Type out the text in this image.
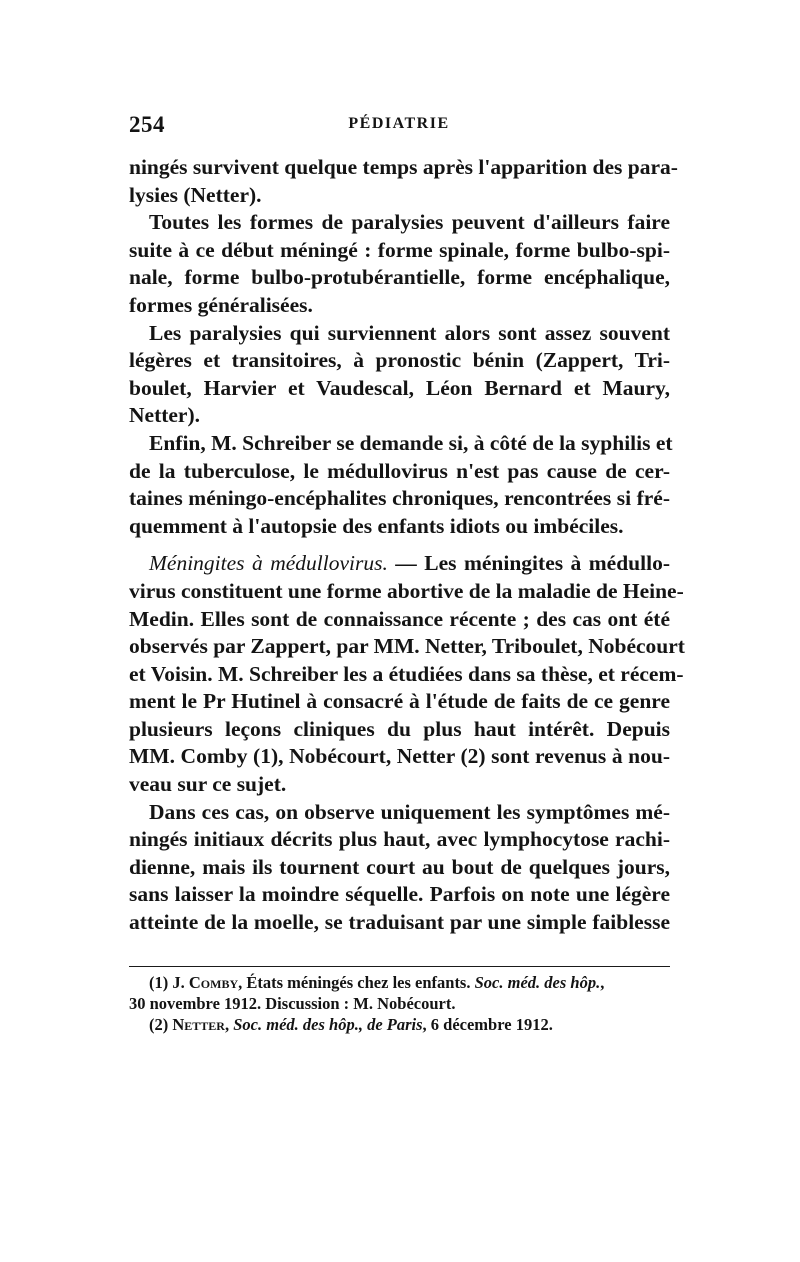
254	PÉDIATRIE
ningés survivent quelque temps après l'apparition des para-
lysies (Netter).
Toutes les formes de paralysies peuvent d'ailleurs faire
suite à ce début méningé : forme spinale, forme bulbo-spi-
nale, forme bulbo-protubérantielle, forme encéphalique,
formes généralisées.
Les paralysies qui surviennent alors sont assez souvent
légères et transitoires, à pronostic bénin (Zappert, Tri-
boulet, Harvier et Vaudescal, Léon Bernard et Maury,
Netter).
Enfin, M. Schreiber se demande si, à côté de la syphilis et
de la tuberculose, le médullovirus n'est pas cause de cer-
taines méningo-encéphalites chroniques, rencontrées si fré-
quemment à l'autopsie des enfants idiots ou imbéciles.
Méningites à médullovirus. — Les méningites à médullo-
virus constituent une forme abortive de la maladie de Heine-
Medin. Elles sont de connaissance récente ; des cas ont été
observés par Zappert, par MM. Netter, Triboulet, Nobécourt
et Voisin. M. Schreiber les a étudiées dans sa thèse, et récem-
ment le Pr Hutinel à consacré à l'étude de faits de ce genre
plusieurs leçons cliniques du plus haut intérêt. Depuis
MM. Comby (1), Nobécourt, Netter (2) sont revenus à nou-
veau sur ce sujet.
Dans ces cas, on observe uniquement les symptômes mé-
ningés initiaux décrits plus haut, avec lymphocytose rachi-
dienne, mais ils tournent court au bout de quelques jours,
sans laisser la moindre séquelle. Parfois on note une légère
atteinte de la moelle, se traduisant par une simple faiblesse
(1) J. Comby, États méningés chez les enfants. Soc. méd. des hôp.,
30 novembre 1912. Discussion : M. Nobécourt.
(2) Netter, Soc. méd. des hôp., de Paris, 6 décembre 1912.
